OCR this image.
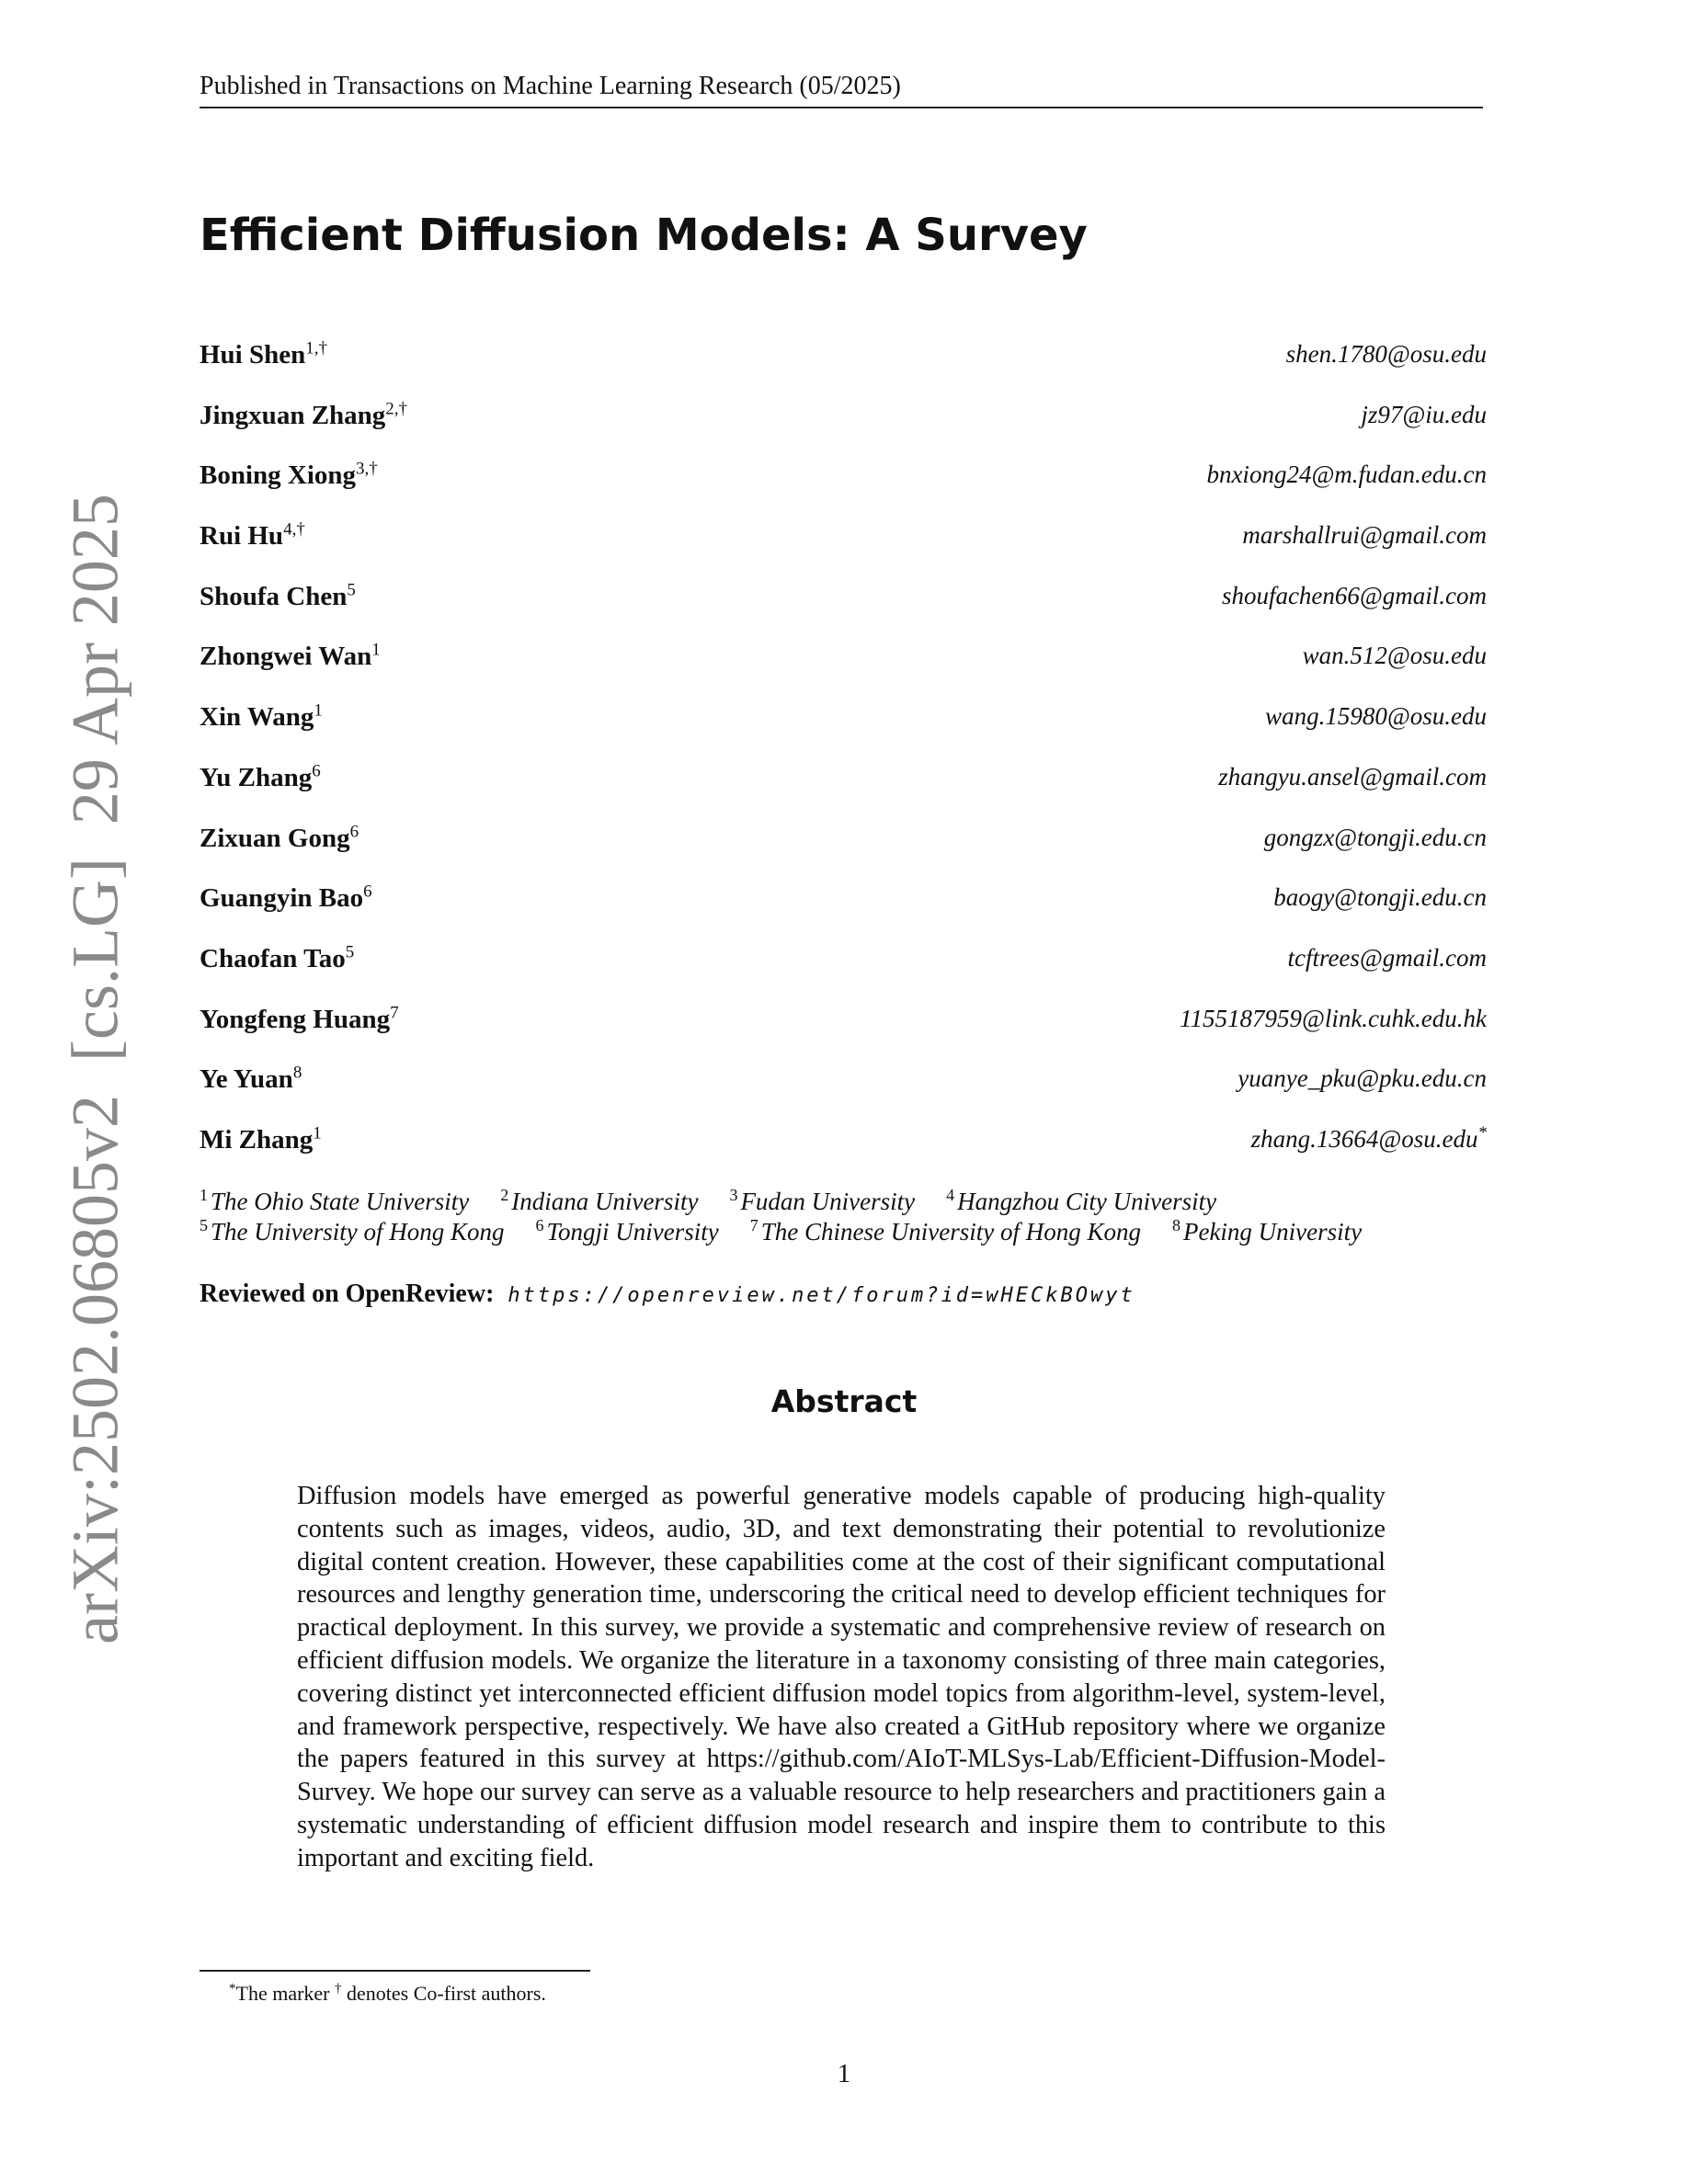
Published in Transactions on Machine Learning Research (05/2025)
Efficient Diffusion Models: A Survey
Hui Shen$^{1,\dagger}$	shen.1780@osu.edu
Jingxuan Zhang$^{2,\dagger}$	jz97@iu.edu
Boning Xiong$^{3,\dagger}$	bnxiong24@m.fudan.edu.cn
Rui $Hu^{4,\dagger}$	marshallrui@gmail.com
Shoufa Chen$^5$	shoufachen66@gmail.com
Zhongwei Wan$^1$	wan.512@osu.edu
Xin Wang$^1$	wang.15980@osu.edu
Yu Zhang$^6$	zhangyu.ansel@gmail.com
Zixuan Gong$^6$	gongzx@tongji.edu.cn
Guangyin Bao$^6$	baogy@tongji.edu.cn
Chaofan Tao$^5$	tcftrees@gmail.com
Yongfeng Huang$^7$	1155187959@link.cuhk.edu.hk
Ye Yuan$^8$	yuanye_pku@pku.edu.cn
Mi Zhang$^1$	zhang.13664@osu.edu*
$^1$ The Ohio State University $^2$ Indiana University $^3$ Fudan University $^4$ Hangzhou City University
$^5$ The University of Hong Kong $^6$ Tongji University $^7$ The Chinese University of Hong Kong $^8$ Peking University
Reviewed on OpenReview: https://openreview.net/forum?id=wHECkBOwyt
Abstract

Diffusion models have emerged as powerful generative models capable of producing high-quality contents such as images, videos, audio, 3D, and text demonstrating their potential to revolutionize digital content creation. However, these capabilities come at the cost of their significant computational resources and lengthy generation time, underscoring the critical need to develop efficient techniques for practical deployment. In this survey, we provide a systematic and comprehensive review of research on efficient diffusion models. We organize the literature in a taxonomy consisting of three main categories, covering distinct yet interconnected efficient diffusion model topics from algorithm-level, system-level, and framework perspective, respectively. We have also created a GitHub repository where we organize the papers featured in this survey at https://github.com/AIoT-MLSys-Lab/Efficient-Diffusion-Model-Survey. We hope our survey can serve as a valuable resource to help researchers and practitioners gain a systematic understanding of efficient diffusion model research and inspire them to contribute to this important and exciting field.

*The marker † denotes Co-first authors.
1
arXiv:2502.06805v2  [cs.LG]  29 Apr 2025
